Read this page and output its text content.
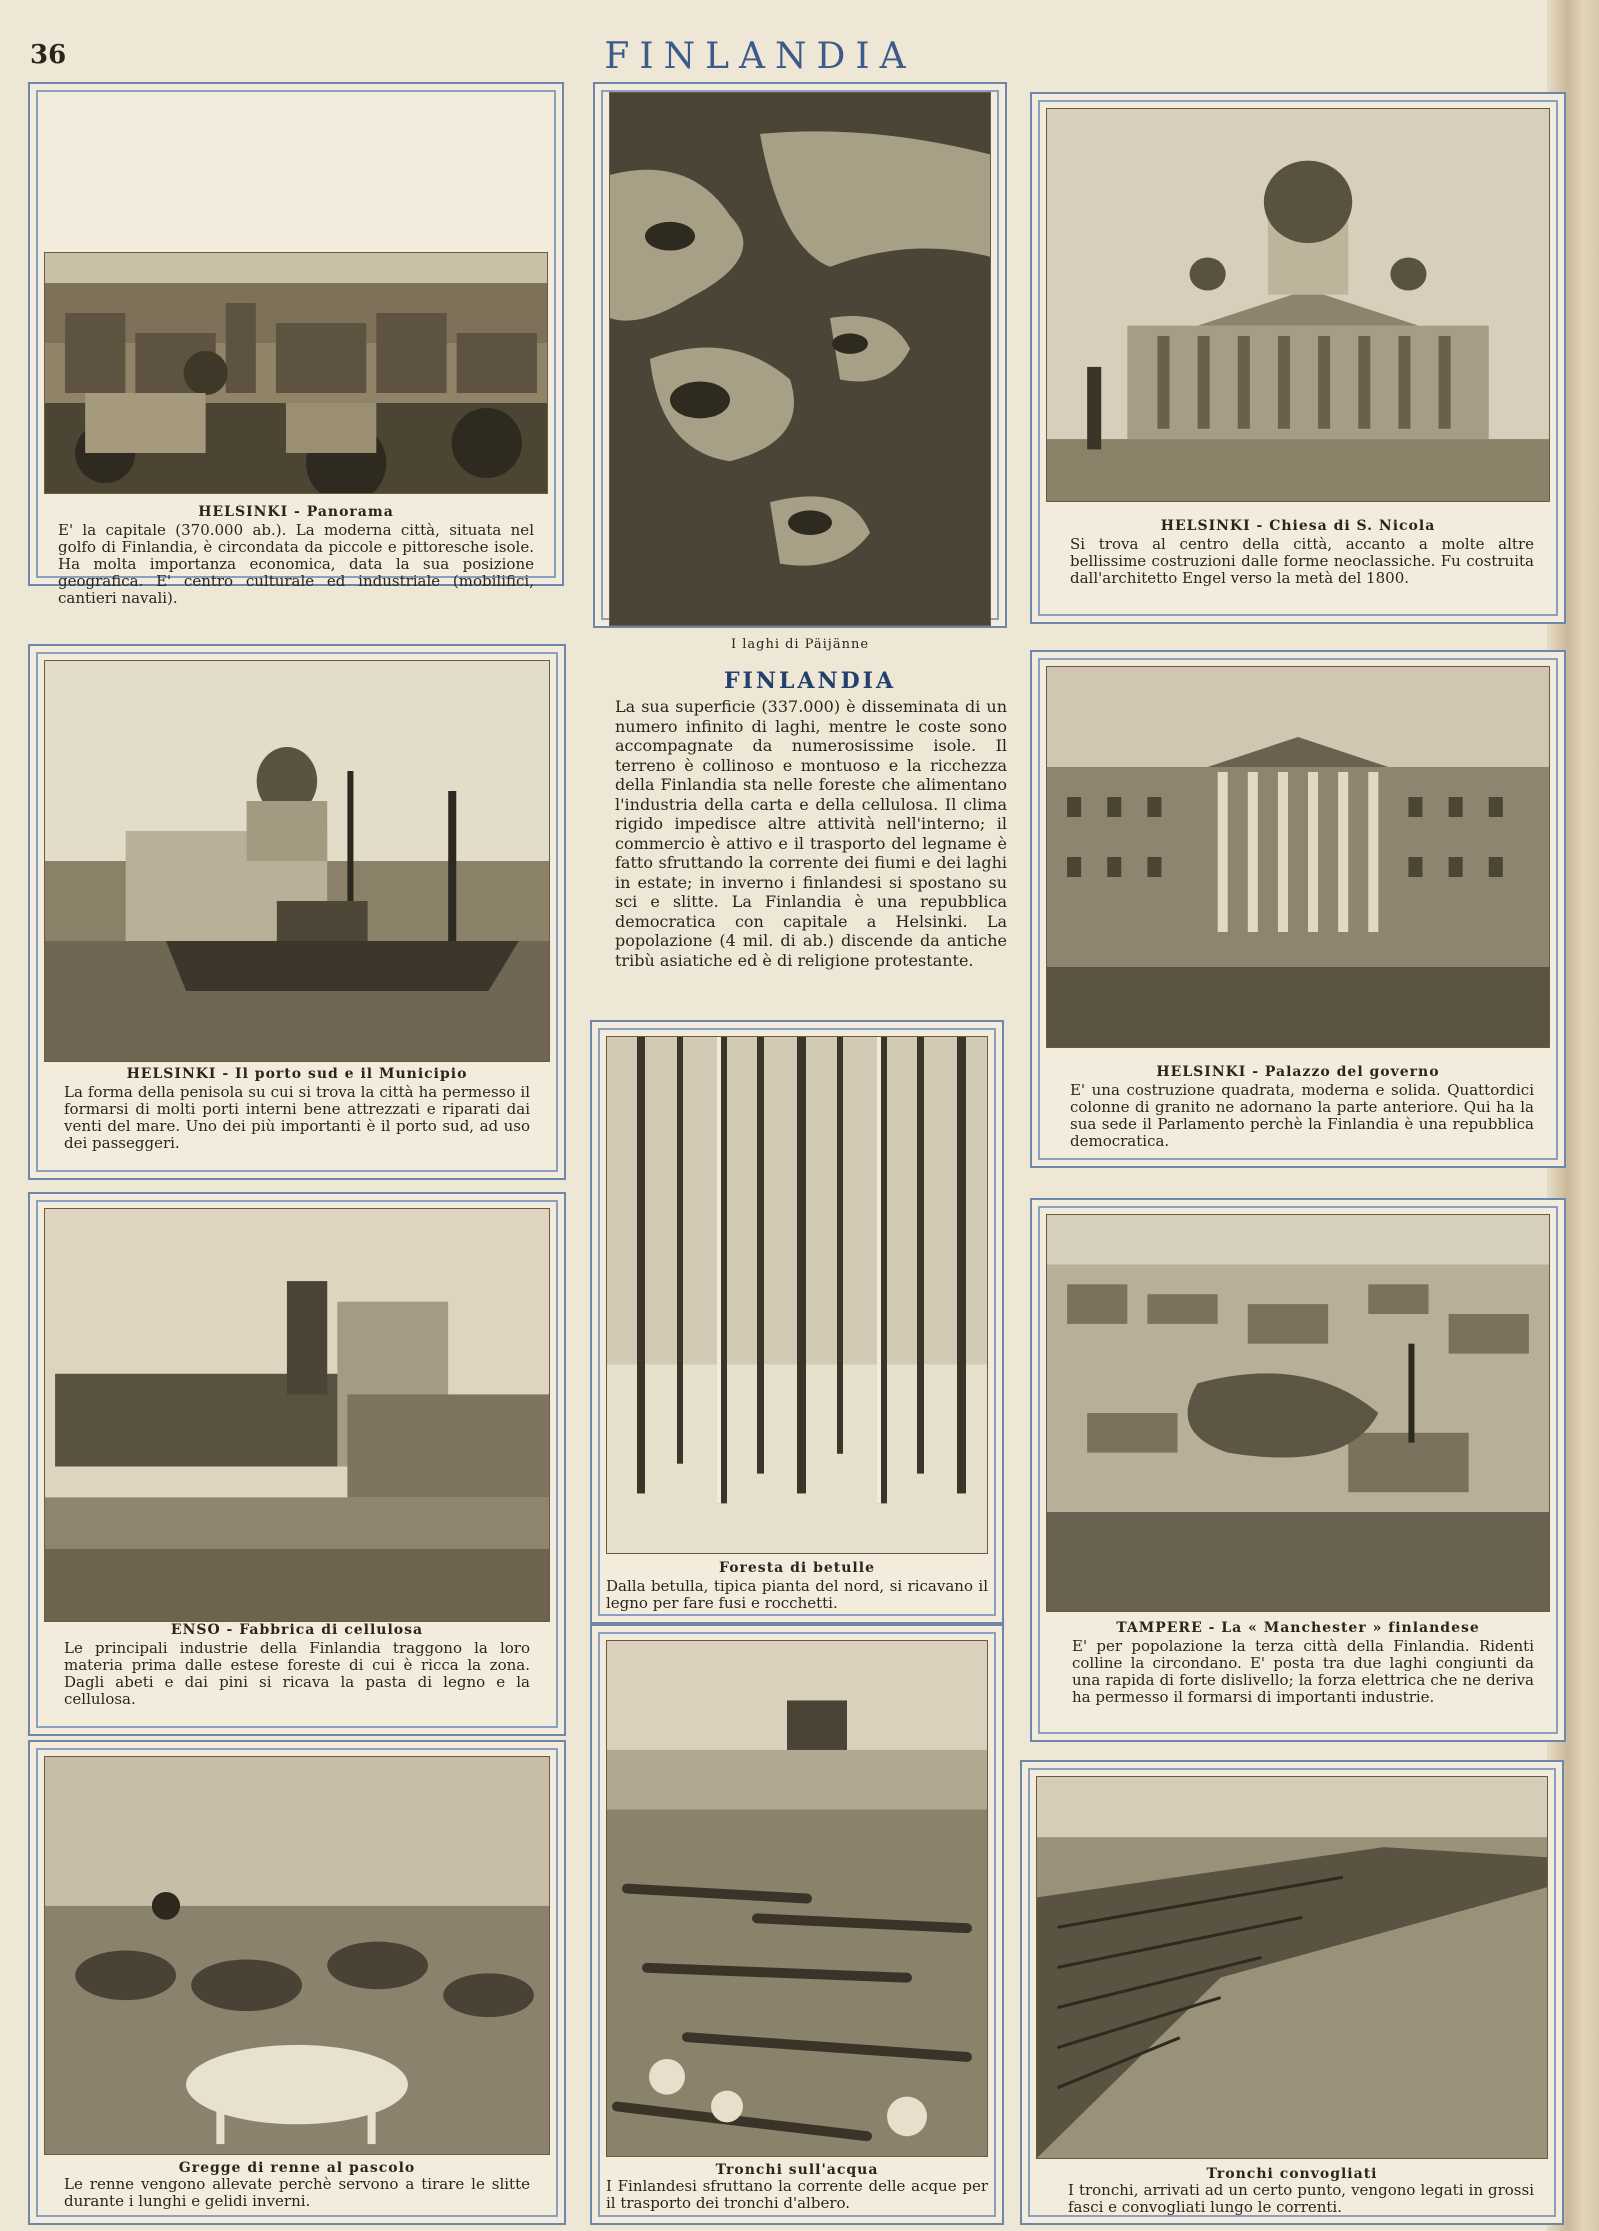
36	FINLANDIA
HELSINKI - Panorama
E' la capitale (370.000 ab.). La moderna città, situata nel golfo di Finlandia, è circondata da piccole e pittoresche isole. Ha molta importanza economica, data la sua posizione geografica. E' centro culturale ed industriale (mobilifici, cantieri navali).
I laghi di Päijänne
HELSINKI - Chiesa di S. Nicola
Si trova al centro della città, accanto a molte altre bellissime costruzioni dalle forme neoclassiche. Fu costruita dall'architetto Engel verso la metà del 1800.
FINLANDIA
La sua superficie (337.000) è disseminata di un numero infinito di laghi, mentre le coste sono accompagnate da numerosissime isole. Il terreno è collinoso e montuoso e la ricchezza della Finlandia sta nelle foreste che alimentano l'industria della carta e della cellulosa. Il clima rigido impedisce altre attività nell'interno; il commercio è attivo e il trasporto del legname è fatto sfruttando la corrente dei fiumi e dei laghi in estate; in inverno i finlandesi si spostano su sci e slitte. La Finlandia è una repubblica democratica con capitale a Helsinki. La popolazione (4 mil. di ab.) discende da antiche tribù asiatiche ed è di religione protestante.
HELSINKI - Il porto sud e il Municipio
La forma della penisola su cui si trova la città ha permesso il formarsi di molti porti interni bene attrezzati e riparati dai venti del mare. Uno dei più importanti è il porto sud, ad uso dei passeggeri.
HELSINKI - Palazzo del governo
E' una costruzione quadrata, moderna e solida. Quattordici colonne di granito ne adornano la parte anteriore. Qui ha la sua sede il Parlamento perchè la Finlandia è una repubblica democratica.
Foresta di betulle
Dalla betulla, tipica pianta del nord, si ricavano il legno per fare fusi e rocchetti.
ENSO - Fabbrica di cellulosa
Le principali industrie della Finlandia traggono la loro materia prima dalle estese foreste di cui è ricca la zona. Dagli abeti e dai pini si ricava la pasta di legno e la cellulosa.
TAMPERE - La « Manchester » finlandese
E' per popolazione la terza città della Finlandia. Ridenti colline la circondano. E' posta tra due laghi congiunti da una rapida di forte dislivello; la forza elettrica che ne deriva ha permesso il formarsi di importanti industrie.
Gregge di renne al pascolo
Le renne vengono allevate perchè servono a tirare le slitte durante i lunghi e gelidi inverni.
Tronchi sull'acqua
I Finlandesi sfruttano la corrente delle acque per il trasporto dei tronchi d'albero.
Tronchi convogliati
I tronchi, arrivati ad un certo punto, vengono legati in grossi fasci e convogliati lungo le correnti.
